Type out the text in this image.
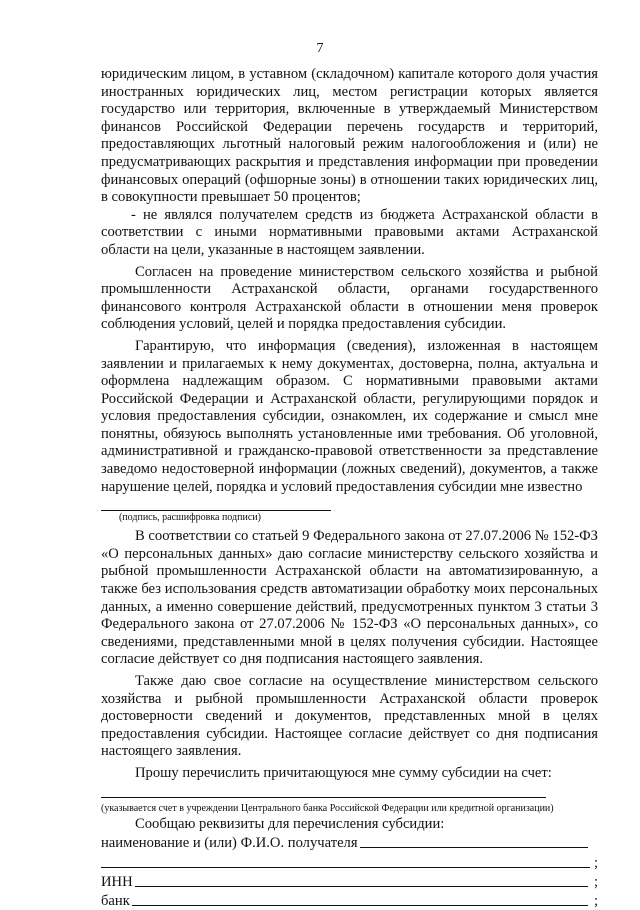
7

юридическим лицом, в уставном (складочном) капитале которого доля участия иностранных юридических лиц, местом регистрации которых является государство или территория, включенные в утверждаемый Министерством финансов Российской Федерации перечень государств и территорий, предоставляющих льготный налоговый режим налогообложения и (или) не предусматривающих раскрытия и представления информации при проведении финансовых операций (офшорные зоны) в отношении таких юридических лиц, в совокупности превышает 50 процентов;

- не являлся получателем средств из бюджета Астраханской области в соответствии с иными нормативными правовыми актами Астраханской области на цели, указанные в настоящем заявлении.

Согласен на проведение министерством сельского хозяйства и рыбной промышленности Астраханской области, органами государственного финансового контроля Астраханской области в отношении меня проверок соблюдения условий, целей и порядка предоставления субсидии.

Гарантирую, что информация (сведения), изложенная в настоящем заявлении и прилагаемых к нему документах, достоверна, полна, актуальна и оформлена надлежащим образом. С нормативными правовыми актами Российской Федерации и Астраханской области, регулирующими порядок и условия предоставления субсидии, ознакомлен, их содержание и смысл мне понятны, обязуюсь выполнять установленные ими требования. Об уголовной, административной и гражданско-правовой ответственности за представление заведомо недостоверной информации (ложных сведений), документов, а также нарушение целей, порядка и условий предоставления субсидии мне известно

(подпись, расшифровка подписи)

В соответствии со статьей 9 Федерального закона от 27.07.2006 № 152-ФЗ «О персональных данных» даю согласие министерству сельского хозяйства и рыбной промышленности Астраханской области на автоматизированную, а также без использования средств автоматизации обработку моих персональных данных, а именно совершение действий, предусмотренных пунктом 3 статьи 3 Федерального закона от 27.07.2006 № 152-ФЗ «О персональных данных», со сведениями, представленными мной в целях получения субсидии. Настоящее согласие действует со дня подписания настоящего заявления.

Также даю свое согласие на осуществление министерством сельского хозяйства и рыбной промышленности Астраханской области проверок достоверности сведений и документов, представленных мной в целях предоставления субсидии. Настоящее согласие действует со дня подписания настоящего заявления.

Прошу перечислить причитающуюся мне сумму субсидии на счет:

(указывается счет в учреждении Центрального банка Российской Федерации или кредитной организации)

Сообщаю реквизиты для перечисления субсидии:

наименование и (или) Ф.И.О. получателя
;
ИНН	;
банк	;
